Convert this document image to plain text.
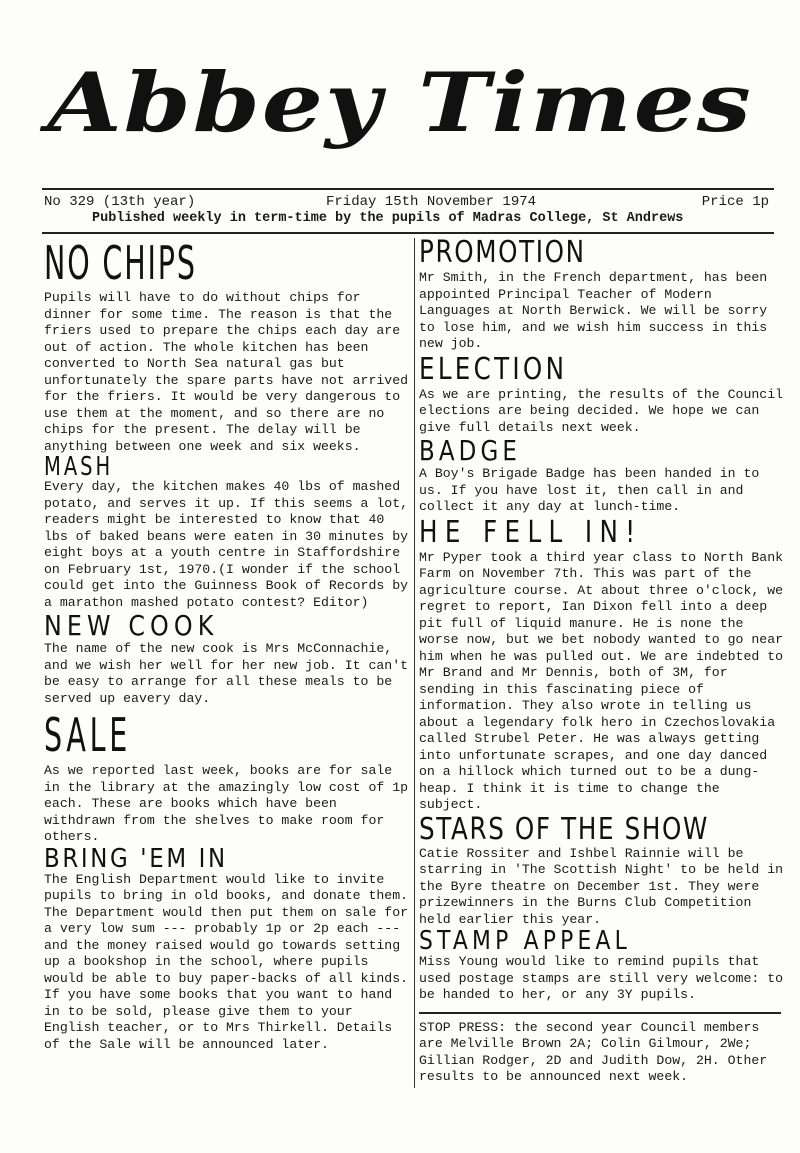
Abbey Times
No 329 (13th year)	Friday 15th November 1974	Price 1p
Published weekly in term-time by the pupils of Madras College, St Andrews
NO CHIPS

Pupils will have to do without chips for dinner for some time. The reason is that the friers used to prepare the chips each day are out of action. The whole kitchen has been converted to North Sea natural gas but unfortunately the spare parts have not arrived for the friers. It would be very dangerous to use them at the moment, and so there are no chips for the present. The delay will be anything between one week and six weeks.

MASH

Every day, the kitchen makes 40 lbs of mashed potato, and serves it up. If this seems a lot, readers might be interested to know that 40 lbs of baked beans were eaten in 30 minutes by eight boys at a youth centre in Staffordshire on February 1st, 1970.(I wonder if the school could get into the Guinness Book of Records by a marathon mashed potato contest? Editor)

NEW COOK

The name of the new cook is Mrs McConnachie, and we wish her well for her new job. It can't be easy to arrange for all these meals to be served up eavery day.

SALE

As we reported last week, books are for sale in the library at the amazingly low cost of 1p each. These are books which have been withdrawn from the shelves to make room for others.

BRING 'EM IN

The English Department would like to invite pupils to bring in old books, and donate them. The Department would then put them on sale for a very low sum --- probably 1p or 2p each --- and the money raised would go towards setting up a bookshop in the school, where pupils would be able to buy paper-backs of all kinds. If you have some books that you want to hand in to be sold, please give them to your English teacher, or to Mrs Thirkell. Details of the Sale will be announced later.

PROMOTION

Mr Smith, in the French department, has been appointed Principal Teacher of Modern Languages at North Berwick. We will be sorry to lose him, and we wish him success in this new job.

ELECTION

As we are printing, the results of the Council elections are being decided. We hope we can give full details next week.

BADGE

A Boy's Brigade Badge has been handed in to us. If you have lost it, then call in and collect it any day at lunch-time.

HE FELL IN!

Mr Pyper took a third year class to North Bank Farm on November 7th. This was part of the agriculture course. At about three o'clock, we regret to report, Ian Dixon fell into a deep pit full of liquid manure. He is none the worse now, but we bet nobody wanted to go near him when he was pulled out. We are indebted to Mr Brand and Mr Dennis, both of 3M, for sending in this fascinating piece of information. They also wrote in telling us about a legendary folk hero in Czechoslovakia called Strubel Peter. He was always getting into unfortunate scrapes, and one day danced on a hillock which turned out to be a dung-heap. I think it is time to change the subject.

STARS OF THE SHOW

Catie Rossiter and Ishbel Rainnie will be starring in 'The Scottish Night' to be held in the Byre theatre on December 1st. They were prizewinners in the Burns Club Competition held earlier this year.

STAMP APPEAL

Miss Young would like to remind pupils that used postage stamps are still very welcome: to be handed to her, or any 3Y pupils.

STOP PRESS: the second year Council members are Melville Brown 2A; Colin Gilmour, 2We; Gillian Rodger, 2D and Judith Dow, 2H. Other results to be announced next week.
